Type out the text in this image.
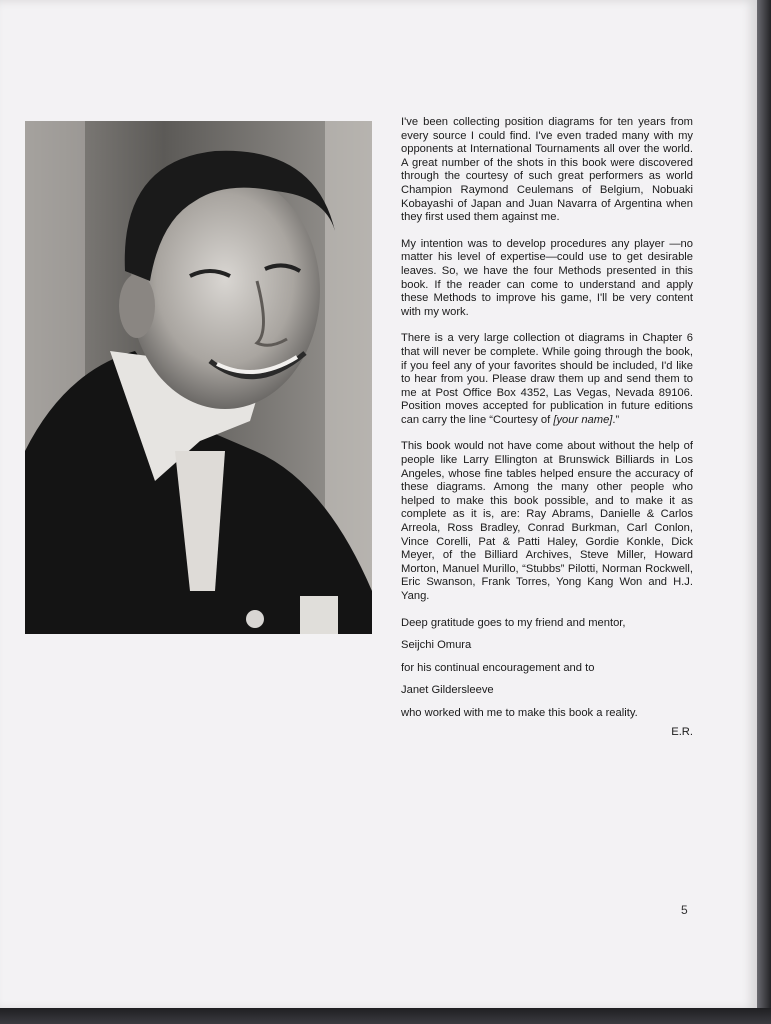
I've been collecting position diagrams for ten years from every source I could find. I've even traded many with my opponents at International Tournaments all over the world. A great number of the shots in this book were discovered through the courtesy of such great performers as world Champion Raymond Ceulemans of Belgium, Nobuaki Kobayashi of Japan and Juan Navarra of Argentina when they first used them against me.

My intention was to develop procedures any player —no matter his level of expertise—could use to get desirable leaves. So, we have the four Methods presented in this book. If the reader can come to understand and apply these Methods to improve his game, I'll be very content with my work.

There is a very large collection ot diagrams in Chapter 6 that will never be complete. While going through the book, if you feel any of your favorites should be included, I'd like to hear from you. Please draw them up and send them to me at Post Office Box 4352, Las Vegas, Nevada 89106. Position moves accepted for publication in future editions can carry the line “Courtesy of [your name].”

This book would not have come about without the help of people like Larry Ellington at Brunswick Billiards in Los Angeles, whose fine tables helped ensure the accuracy of these diagrams. Among the many other people who helped to make this book possible, and to make it as complete as it is, are: Ray Abrams, Danielle & Carlos Arreola, Ross Bradley, Conrad Burkman, Carl Conlon, Vince Corelli, Pat & Patti Haley, Gordie Konkle, Dick Meyer, of the Billiard Archives, Steve Miller, Howard Morton, Manuel Murillo, “Stubbs” Pilotti, Norman Rockwell, Eric Swanson, Frank Torres, Yong Kang Won and H.J. Yang.

Deep gratitude goes to my friend and mentor,

Seijchi Omura

for his continual encouragement and to

Janet Gildersleeve

who worked with me to make this book a reality.

E.R.

5
